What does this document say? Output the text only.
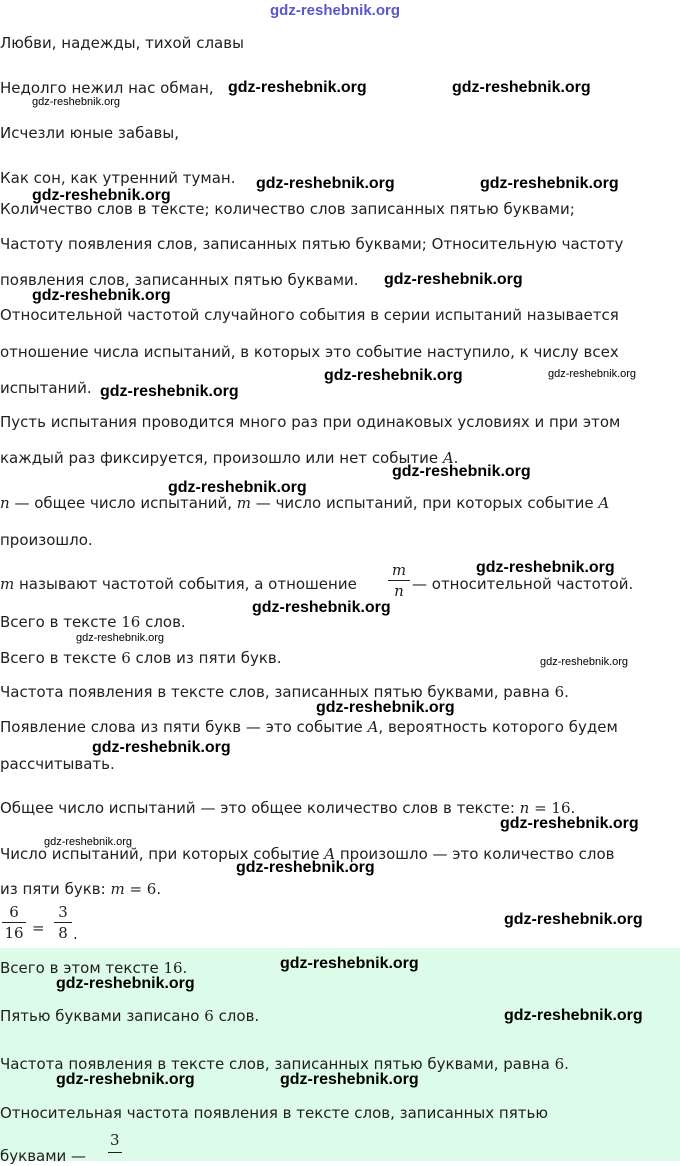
gdz-reshebnik.org
Любви, надежды, тихой славы
Недолго нежил нас обман,
Исчезли юные забавы,
Как сон, как утренний туман.
Количество слов в тексте; количество слов записанных пятью буквами;
Частоту появления слов, записанных пятью буквами; Относительную частоту
появления слов, записанных пятью буквами.
Относительной частотой случайного события в серии испытаний называется
отношение числа испытаний, в которых это событие наступило, к числу всех
испытаний.
Пусть испытания проводится много раз при одинаковых условиях и при этом
каждый раз фиксируется, произошло или нет событие A.
n — общее число испытаний, m — число испытаний, при которых событие A
произошло.
m называют частотой события, а отношение
m
n — относительной частотой.
Всего в тексте 16 слов.
Всего в тексте 6 слов из пяти букв.
Частота появления в тексте слов, записанных пятью буквами, равна 6.
Появление слова из пяти букв — это событие A, вероятность которого будем
рассчитывать.
Общее число испытаний — это общее количество слов в тексте: n = 16.
Число испытаний, при которых событие A произошло — это количество слов
из пяти букв: m = 6.
6
16 =
3
8 .
Всего в этом тексте 16.
Пятью буквами записано 6 слов.
Частота появления в тексте слов, записанных пятью буквами, равна 6.
Относительная частота появления в тексте слов, записанных пятью
буквами —
3
gdz-reshebnik.org	gdz-reshebnik.org
gdz-reshebnik.org
gdz-reshebnik.org	gdz-reshebnik.org
gdz-reshebnik.org
gdz-reshebnik.org
gdz-reshebnik.org
gdz-reshebnik.org	gdz-reshebnik.org
gdz-reshebnik.org
gdz-reshebnik.org
gdz-reshebnik.org
gdz-reshebnik.org
gdz-reshebnik.org
gdz-reshebnik.org
gdz-reshebnik.org
gdz-reshebnik.org
gdz-reshebnik.org
gdz-reshebnik.org
gdz-reshebnik.org
gdz-reshebnik.org
gdz-reshebnik.org
gdz-reshebnik.org
gdz-reshebnik.org
gdz-reshebnik.org
gdz-reshebnik.org	gdz-reshebnik.org
